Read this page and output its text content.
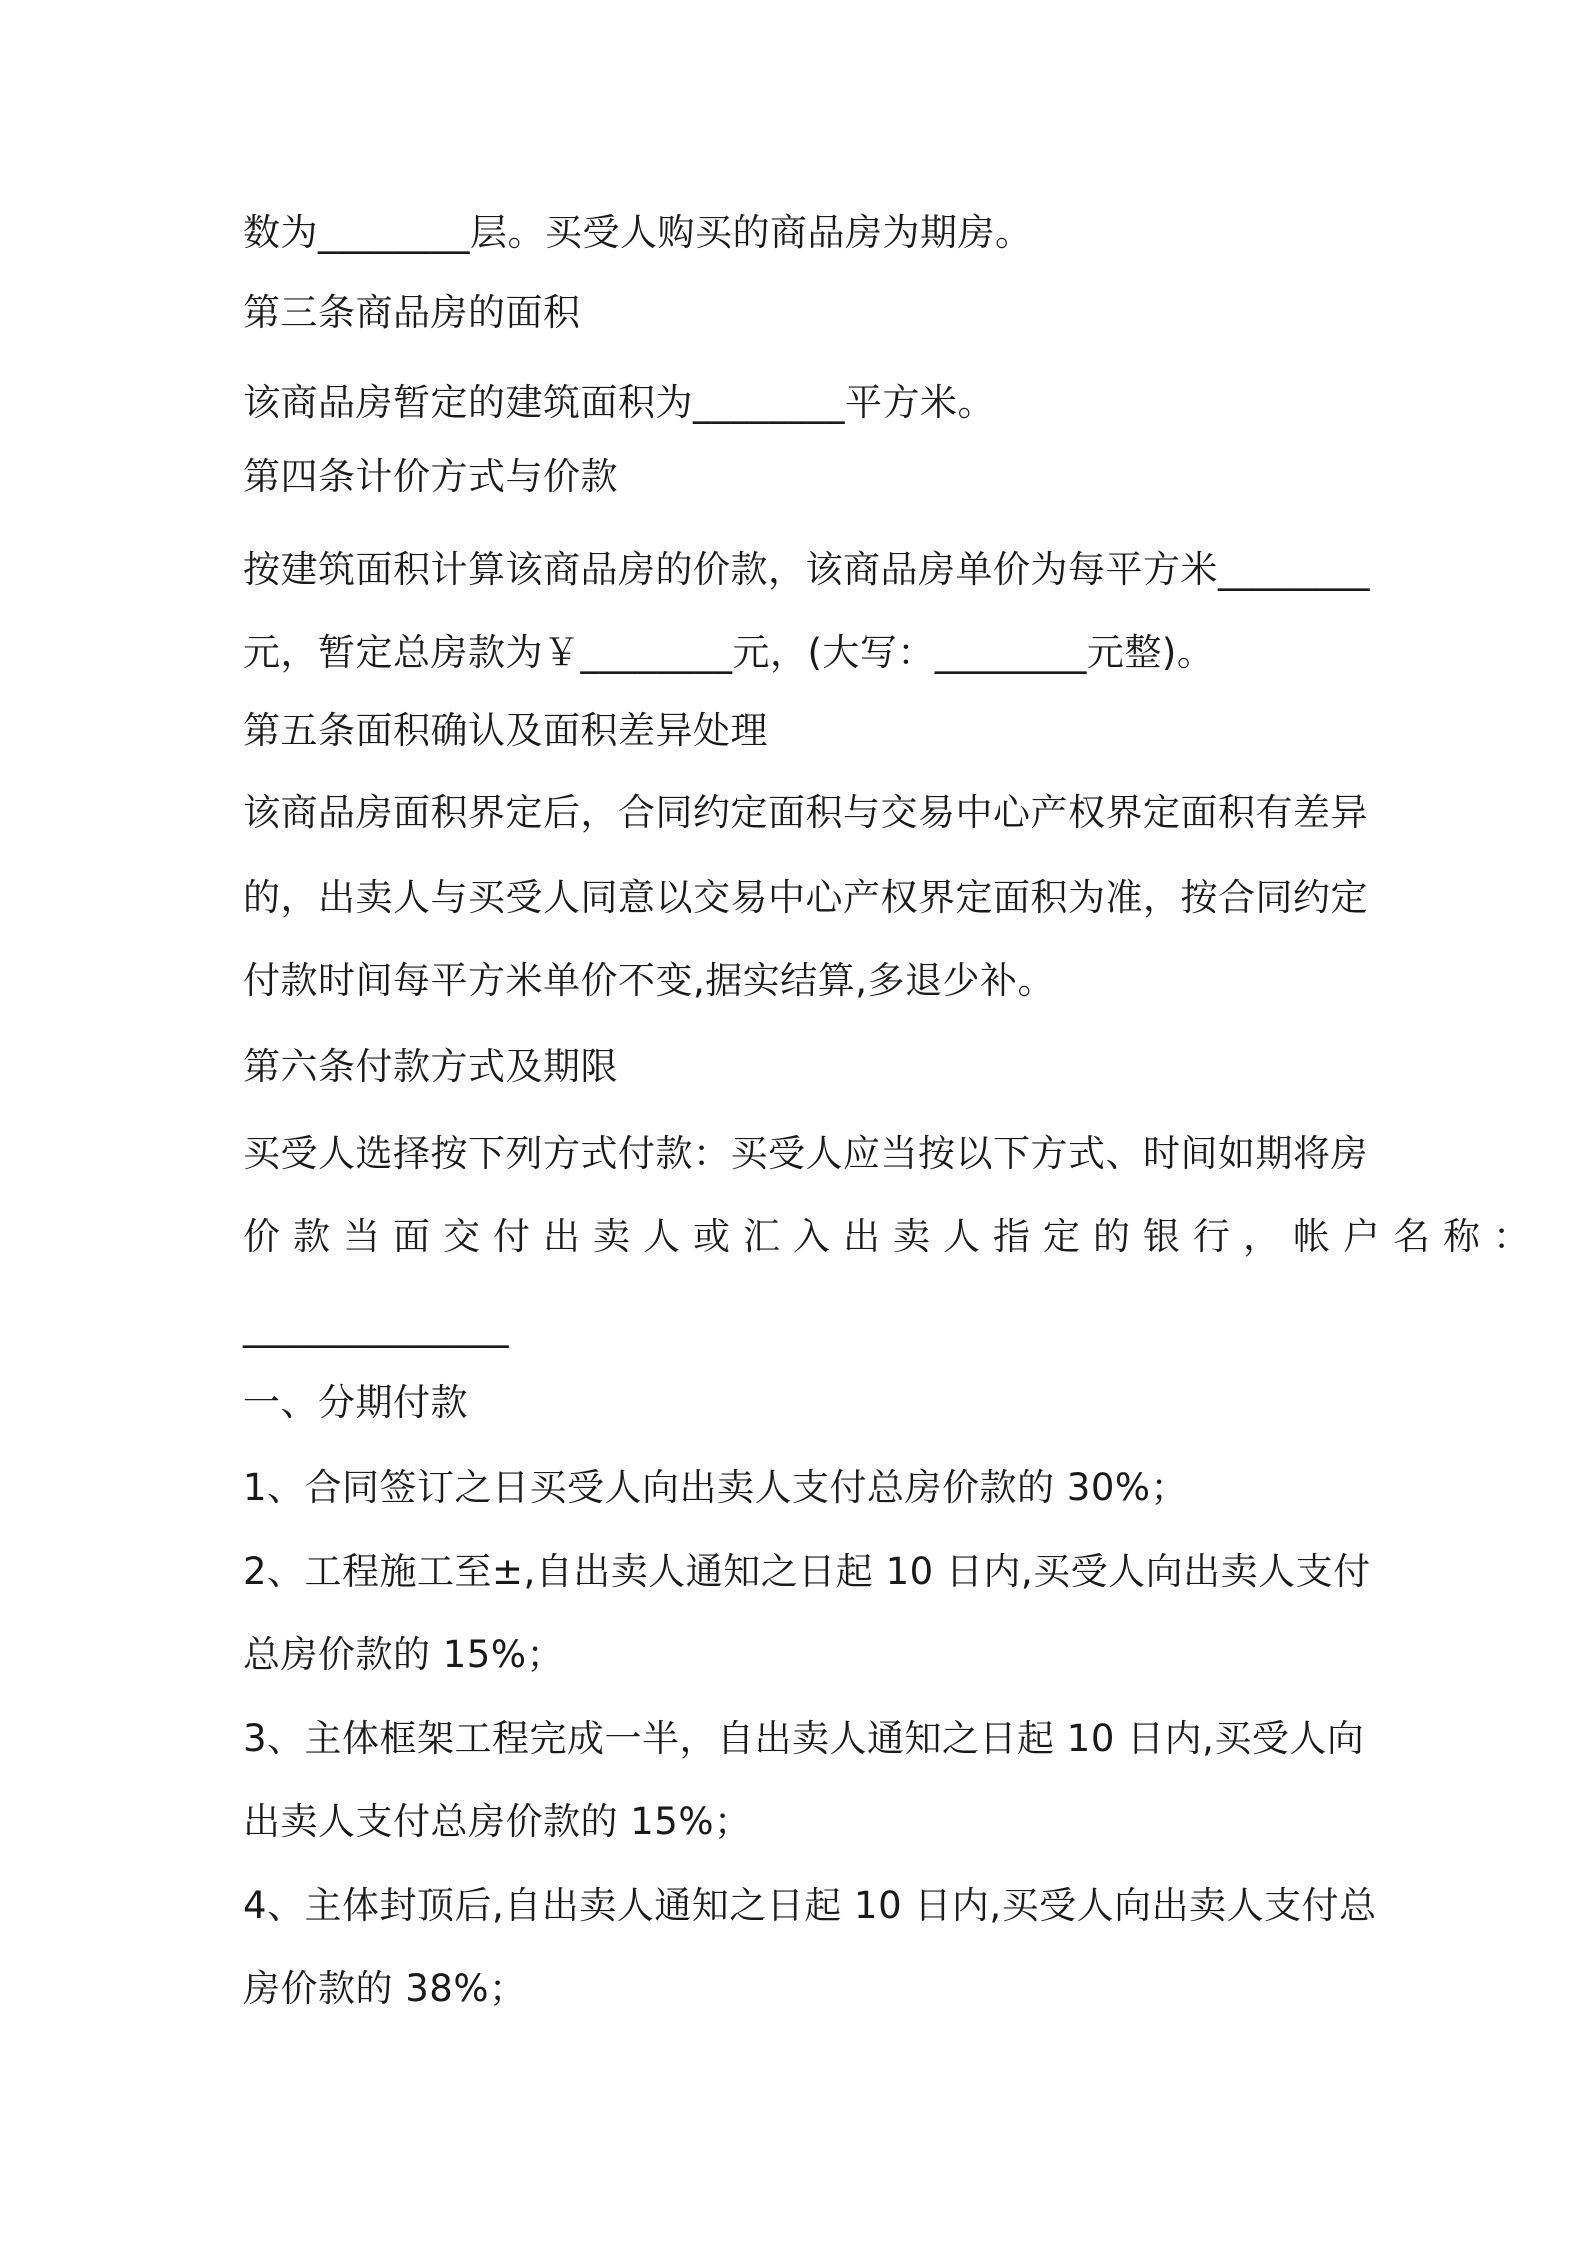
数为________层。买受人购买的商品房为期房。

第三条商品房的面积

该商品房暂定的建筑面积为________平方米。

第四条计价方式与价款

按建筑面积计算该商品房的价款，该商品房单价为每平方米________

元，暂定总房款为￥________元，(大写：________元整)。

第五条面积确认及面积差异处理

该商品房面积界定后，合同约定面积与交易中心产权界定面积有差异

的，出卖人与买受人同意以交易中心产权界定面积为准，按合同约定

付款时间每平方米单价不变,据实结算,多退少补。

第六条付款方式及期限

买受人选择按下列方式付款：买受人应当按以下方式、时间如期将房

价款当面交付出卖人或汇入出卖人指定的银行，帐户名称：

______________

一、分期付款

1、合同签订之日买受人向出卖人支付总房价款的 30%；

2、工程施工至±,自出卖人通知之日起 10 日内,买受人向出卖人支付

总房价款的 15%；

3、主体框架工程完成一半，自出卖人通知之日起 10 日内,买受人向

出卖人支付总房价款的 15%；

4、主体封顶后,自出卖人通知之日起 10 日内,买受人向出卖人支付总

房价款的 38%；
